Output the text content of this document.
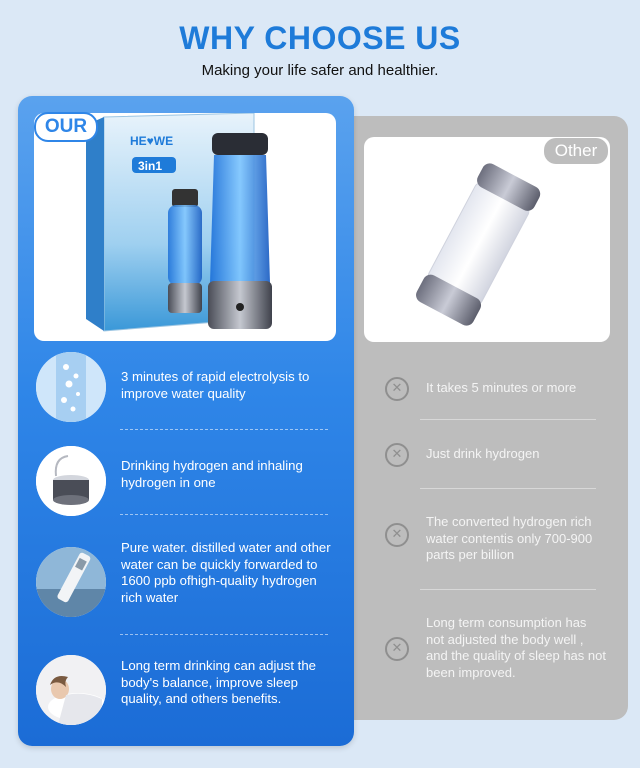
WHY CHOOSE US
Making your life safer and healthier.
Other
✕	It takes 5 minutes or more
✕	Just drink hydrogen
✕
The converted hydrogen rich water contentis only 700-900 parts per billion
✕
Long term consumption has not adjusted the body well , and the quality of sleep has not been improved.
HE♥WE
3in1
OUR
3 minutes of rapid electrolysis to improve water quality
Drinking hydrogen and inhaling hydrogen in one
Pure water. distilled water and other water can be quickly forwarded to 1600 ppb ofhigh-quality hydrogen rich water
Long term drinking can adjust the body's balance, improve sleep quality, and others benefits.
